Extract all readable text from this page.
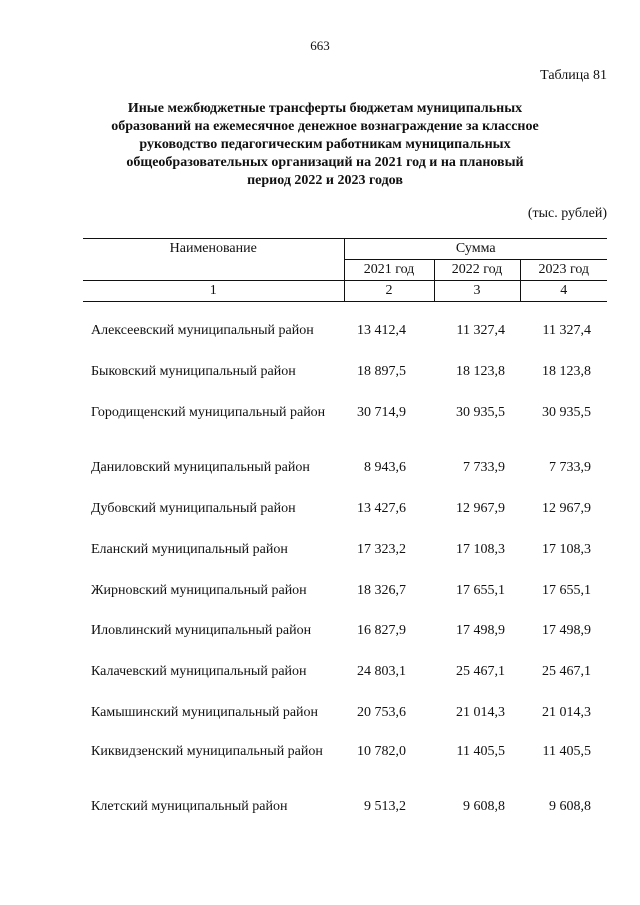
663
Таблица 81
Иные межбюджетные трансферты бюджетам муниципальных
образований на ежемесячное денежное вознаграждение за классное
руководство педагогическим работникам муниципальных
общеобразовательных организаций на 2021 год и на плановый
период 2022 и 2023 годов
(тыс. рублей)
Наименование	Сумма		
	2021 год	2022 год	2023 год
1	2	3	4
Алексеевский муниципальный район	13 412,4	11 327,4	11 327,4
Быковский муниципальный район	18 897,5	18 123,8	18 123,8
Городищенский муниципальный район	30 714,9	30 935,5	30 935,5
Даниловский муниципальный район	8 943,6	7 733,9	7 733,9
Дубовский муниципальный район	13 427,6	12 967,9	12 967,9
Еланский муниципальный район	17 323,2	17 108,3	17 108,3
Жирновский муниципальный район	18 326,7	17 655,1	17 655,1
Иловлинский муниципальный район	16 827,9	17 498,9	17 498,9
Калачевский муниципальный район	24 803,1	25 467,1	25 467,1
Камышинский муниципальный район	20 753,6	21 014,3	21 014,3
Киквидзенский муниципальный район	10 782,0	11 405,5	11 405,5
Клетский муниципальный район	9 513,2	9 608,8	9 608,8
